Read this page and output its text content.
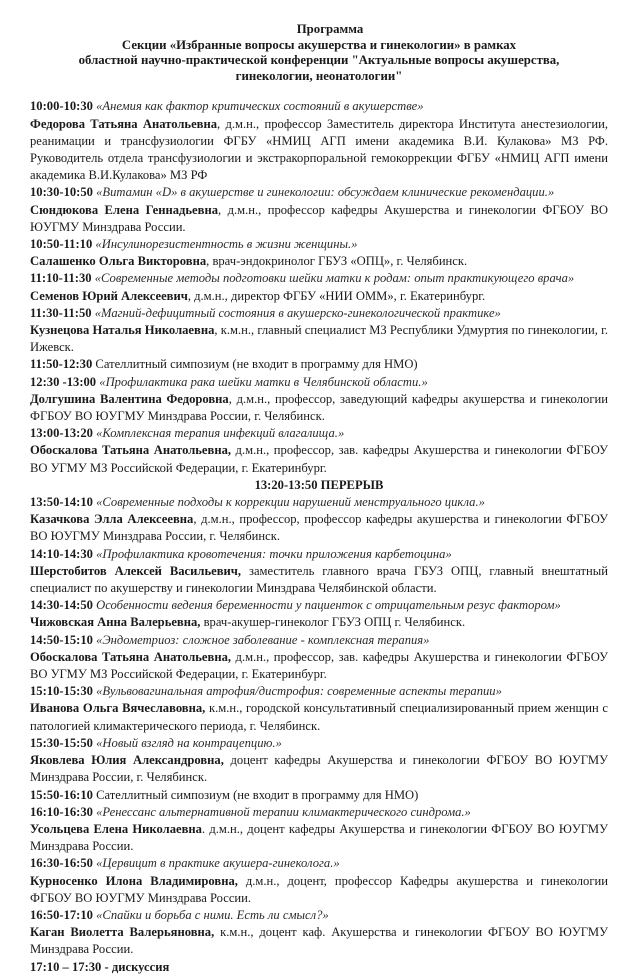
Программа
Секции «Избранные вопросы акушерства и гинекологии» в рамках
областной научно-практической конференции "Актуальные вопросы акушерства,
гинекологии, неонатологии"
10:00-10:30 «Анемия как фактор критических состояний в акушерстве»
Федорова Татьяна Анатольевна, д.м.н., профессор Заместитель директора Института анестезиологии, реанимации и трансфузиологии ФГБУ «НМИЦ АГП имени академика В.И. Кулакова» МЗ РФ. Руководитель отдела трансфузиологии и экстракорпоральной гемокоррекции ФГБУ «НМИЦ АГП имени академика В.И.Кулакова» МЗ РФ
10:30-10:50 «Витамин «D» в акушерстве и гинекологии: обсуждаем клинические рекомендации.»
Сюндюкова Елена Геннадьевна, д.м.н., профессор кафедры Акушерства и гинекологии ФГБОУ ВО ЮУГМУ Минздрава России.
10:50-11:10 «Инсулинорезистентность в жизни женщины.»
Салашенко Ольга Викторовна, врач-эндокринолог ГБУЗ «ОПЦ», г. Челябинск.
11:10-11:30 «Современные методы подготовки шейки матки к родам: опыт практикующего врача»
Семенов Юрий Алексеевич, д.м.н., директор ФГБУ «НИИ ОММ», г. Екатеринбург.
11:30-11:50 «Магний-дефицитный состояния в акушерско-гинекологической практике»
Кузнецова Наталья Николаевна, к.м.н., главный специалист МЗ Республики Удмуртия по гинекологии, г. Ижевск.
11:50-12:30 Сателлитный симпозиум (не входит в программу для НМО)
12:30 -13:00 «Профилактика рака шейки матки в Челябинской области.»
Долгушина Валентина Федоровна, д.м.н., профессор, заведующий кафедры акушерства и гинекологии ФГБОУ ВО ЮУГМУ Минздрава России, г. Челябинск.
13:00-13:20 «Комплексная терапия инфекций влагалища.»
Обоскалова Татьяна Анатольевна, д.м.н., профессор, зав. кафедры Акушерства и гинекологии ФГБОУ ВО УГМУ МЗ Российской Федерации, г. Екатеринбург.
13:20-13:50 ПЕРЕРЫВ
13:50-14:10 «Современные подходы к коррекции нарушений менструального цикла.»
Казачкова Элла Алексеевна, д.м.н., профессор, профессор кафедры акушерства и гинекологии ФГБОУ ВО ЮУГМУ Минздрава России, г. Челябинск.
14:10-14:30 «Профилактика кровотечения: точки приложения карбетоцина»
Шерстобитов Алексей Васильевич, заместитель главного врача ГБУЗ ОПЦ, главный внештатный специалист по акушерству и гинекологии Минздрава Челябинской области.
14:30-14:50 Особенности ведения беременности у пациенток с отрицательным резус фактором»
Чижовская Анна Валерьевна, врач-акушер-гинеколог ГБУЗ ОПЦ г. Челябинск.
14:50-15:10 «Эндометриоз: сложное заболевание - комплексная терапия»
Обоскалова Татьяна Анатольевна, д.м.н., профессор, зав. кафедры Акушерства и гинекологии ФГБОУ ВО УГМУ МЗ Российской Федерации, г. Екатеринбург.
15:10-15:30 «Вульвовагинальная атрофия/дистрофия: современные аспекты терапии»
Иванова Ольга Вячеславовна, к.м.н., городской консультативный специализированный прием женщин с патологией климактерического периода, г. Челябинск.
15:30-15:50 «Новый взгляд на контрацепцию.»
Яковлева Юлия Александровна, доцент кафедры Акушерства и гинекологии ФГБОУ ВО ЮУГМУ Минздрава России, г. Челябинск.
15:50-16:10 Сателлитный симпозиум (не входит в программу для НМО)
16:10-16:30 «Ренессанс альтернативной терапии климактерического синдрома.»
Усольцева Елена Николаевна. д.м.н., доцент кафедры Акушерства и гинекологии ФГБОУ ВО ЮУГМУ Минздрава России.
16:30-16:50 «Цервицит в практике акушера-гинеколога.»
Курносенко Илона Владимировна, д.м.н., доцент, профессор Кафедры акушерства и гинекологии ФГБОУ ВО ЮУГМУ Минздрава России.
16:50-17:10 «Спайки и борьба с ними. Есть ли смысл?»
Каган Виолетта Валерьяновна, к.м.н., доцент каф. Акушерства и гинекологии ФГБОУ ВО ЮУГМУ Минздрава России.
17:10 – 17:30 - дискуссия
